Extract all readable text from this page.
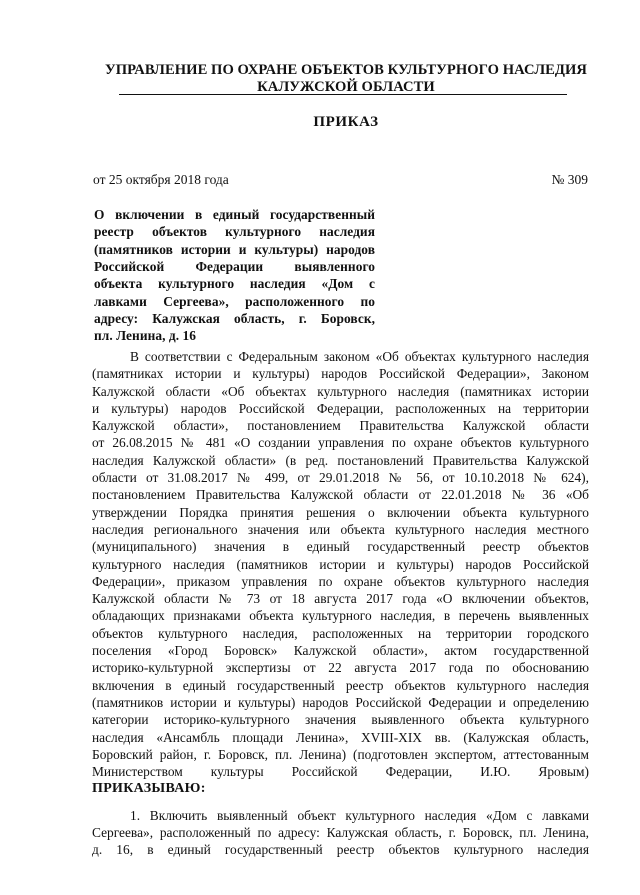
УПРАВЛЕНИЕ ПО ОХРАНЕ ОБЪЕКТОВ КУЛЬТУРНОГО НАСЛЕДИЯ
КАЛУЖСКОЙ ОБЛАСТИ
ПРИКАЗ
от 25 октября 2018 года	№ 309
О включении в единый государственный
реестр объектов культурного наследия
(памятников истории и культуры) народов
Российской Федерации выявленного
объекта культурного наследия «Дом с
лавками Сергеева», расположенного по
адресу: Калужская область, г. Боровск,
пл. Ленина, д. 16
В соответствии с Федеральным законом «Об объектах культурного наследия
(памятниках истории и культуры) народов Российской Федерации», Законом
Калужской области «Об объектах культурного наследия (памятниках истории
и культуры) народов Российской Федерации, расположенных на территории
Калужской области», постановлением Правительства Калужской области
от 26.08.2015 № 481 «О создании управления по охране объектов культурного
наследия Калужской области» (в ред. постановлений Правительства Калужской
области от 31.08.2017 № 499, от 29.01.2018 № 56, от 10.10.2018 № 624),
постановлением Правительства Калужской области от 22.01.2018 № 36 «Об
утверждении Порядка принятия решения о включении объекта культурного
наследия регионального значения или объекта культурного наследия местного
(муниципального) значения в единый государственный реестр объектов
культурного наследия (памятников истории и культуры) народов Российской
Федерации», приказом управления по охране объектов культурного наследия
Калужской области № 73 от 18 августа 2017 года «О включении объектов,
обладающих признаками объекта культурного наследия, в перечень выявленных
объектов культурного наследия, расположенных на территории городского
поселения «Город Боровск» Калужской области», актом государственной
историко-культурной экспертизы от 22 августа 2017 года по обоснованию
включения в единый государственный реестр объектов культурного наследия
(памятников истории и культуры) народов Российской Федерации и определению
категории историко-культурного значения выявленного объекта культурного
наследия «Ансамбль площади Ленина», XVIII-XIX вв. (Калужская область,
Боровский район, г. Боровск, пл. Ленина) (подготовлен экспертом, аттестованным
Министерством культуры Российской Федерации, И.Ю. Яровым)
ПРИКАЗЫВАЮ:
1. Включить выявленный объект культурного наследия «Дом с лавками
Сергеева», расположенный по адресу: Калужская область, г. Боровск, пл. Ленина,
д. 16, в единый государственный реестр объектов культурного наследия
